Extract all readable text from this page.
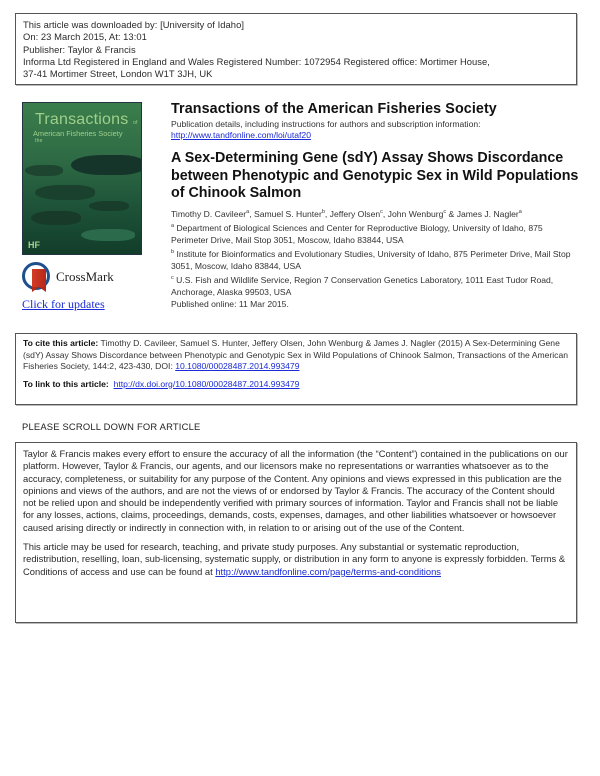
This article was downloaded by: [University of Idaho]
On: 23 March 2015, At: 13:01
Publisher: Taylor & Francis
Informa Ltd Registered in England and Wales Registered Number: 1072954 Registered office: Mortimer House,
37-41 Mortimer Street, London W1T 3JH, UK
Transactions of the
American Fisheries Society
HF
CrossMark
Click for updates
Transactions of the American Fisheries Society
Publication details, including instructions for authors and subscription information:
http://www.tandfonline.com/loi/utaf20
A Sex-Determining Gene (sdY) Assay Shows Discordance between Phenotypic and Genotypic Sex in Wild Populations of Chinook Salmon
Timothy D. Cavileer$^a$, Samuel S. Hunter$^b$, Jeffery Olsen$^c$, John Wenburg$^c$ & James J. Nagler$^a$
$^a$ Department of Biological Sciences and Center for Reproductive Biology, University of Idaho, 875 Perimeter Drive, Mail Stop 3051, Moscow, Idaho 83844, USA
$^b$ Institute for Bioinformatics and Evolutionary Studies, University of Idaho, 875 Perimeter Drive, Mail Stop 3051, Moscow, Idaho 83844, USA
$^c$ U.S. Fish and Wildlife Service, Region 7 Conservation Genetics Laboratory, 1011 East Tudor Road, Anchorage, Alaska 99503, USA
Published online: 11 Mar 2015.
To cite this article: Timothy D. Cavileer, Samuel S. Hunter, Jeffery Olsen, John Wenburg & James J. Nagler (2015) A Sex-Determining Gene (sdY) Assay Shows Discordance between Phenotypic and Genotypic Sex in Wild Populations of Chinook Salmon, Transactions of the American Fisheries Society, 144:2, 423-430, DOI: 10.1080/00028487.2014.993479
To link to this article: http://dx.doi.org/10.1080/00028487.2014.993479
PLEASE SCROLL DOWN FOR ARTICLE

Taylor & Francis makes every effort to ensure the accuracy of all the information (the “Content”) contained in the publications on our platform. However, Taylor & Francis, our agents, and our licensors make no representations or warranties whatsoever as to the accuracy, completeness, or suitability for any purpose of the Content. Any opinions and views expressed in this publication are the opinions and views of the authors, and are not the views of or endorsed by Taylor & Francis. The accuracy of the Content should not be relied upon and should be independently verified with primary sources of information. Taylor and Francis shall not be liable for any losses, actions, claims, proceedings, demands, costs, expenses, damages, and other liabilities whatsoever or howsoever caused arising directly or indirectly in connection with, in relation to or arising out of the use of the Content.

This article may be used for research, teaching, and private study purposes. Any substantial or systematic reproduction, redistribution, reselling, loan, sub-licensing, systematic supply, or distribution in any form to anyone is expressly forbidden. Terms & Conditions of access and use can be found at http://www.tandfonline.com/page/terms-and-conditions
